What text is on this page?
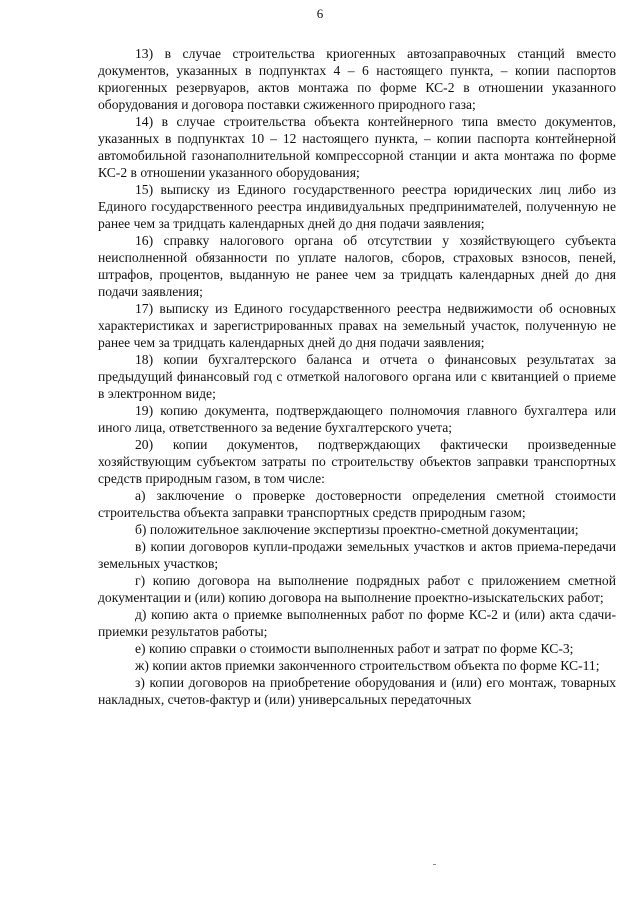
6

13) в случае строительства криогенных автозаправочных станций вместо документов, указанных в подпунктах 4 – 6 настоящего пункта, – копии паспортов криогенных резервуаров, актов монтажа по форме КС-2 в отношении указанного оборудования и договора поставки сжиженного природного газа;

14) в случае строительства объекта контейнерного типа вместо документов, указанных в подпунктах 10 – 12 настоящего пункта, – копии паспорта контейнерной автомобильной газонаполнительной компрессорной станции и акта монтажа по форме КС-2 в отношении указанного оборудования;

15) выписку из Единого государственного реестра юридических лиц либо из Единого государственного реестра индивидуальных предпринимателей, полученную не ранее чем за тридцать календарных дней до дня подачи заявления;

16) справку налогового органа об отсутствии у хозяйствующего субъекта неисполненной обязанности по уплате налогов, сборов, страховых взносов, пеней, штрафов, процентов, выданную не ранее чем за тридцать календарных дней до дня подачи заявления;

17) выписку из Единого государственного реестра недвижимости об основных характеристиках и зарегистрированных правах на земельный участок, полученную не ранее чем за тридцать календарных дней до дня подачи заявления;

18) копии бухгалтерского баланса и отчета о финансовых результатах за предыдущий финансовый год с отметкой налогового органа или с квитанцией о приеме в электронном виде;

19) копию документа, подтверждающего полномочия главного бухгалтера или иного лица, ответственного за ведение бухгалтерского учета;

20) копии документов, подтверждающих фактически произведенные хозяйствующим субъектом затраты по строительству объектов заправки транспортных средств природным газом, в том числе:

а) заключение о проверке достоверности определения сметной стоимости строительства объекта заправки транспортных средств природным газом;

б) положительное заключение экспертизы проектно-сметной документации;

в) копии договоров купли-продажи земельных участков и актов приема-передачи земельных участков;

г) копию договора на выполнение подрядных работ с приложением сметной документации и (или) копию договора на выполнение проектно-изыскательских работ;

д) копию акта о приемке выполненных работ по форме КС-2 и (или) акта сдачи-приемки результатов работы;

е) копию справки о стоимости выполненных работ и затрат по форме КС-3;

ж) копии актов приемки законченного строительством объекта по форме КС-11;

з) копии договоров на приобретение оборудования и (или) его монтаж, товарных накладных, счетов-фактур и (или) универсальных передаточных
